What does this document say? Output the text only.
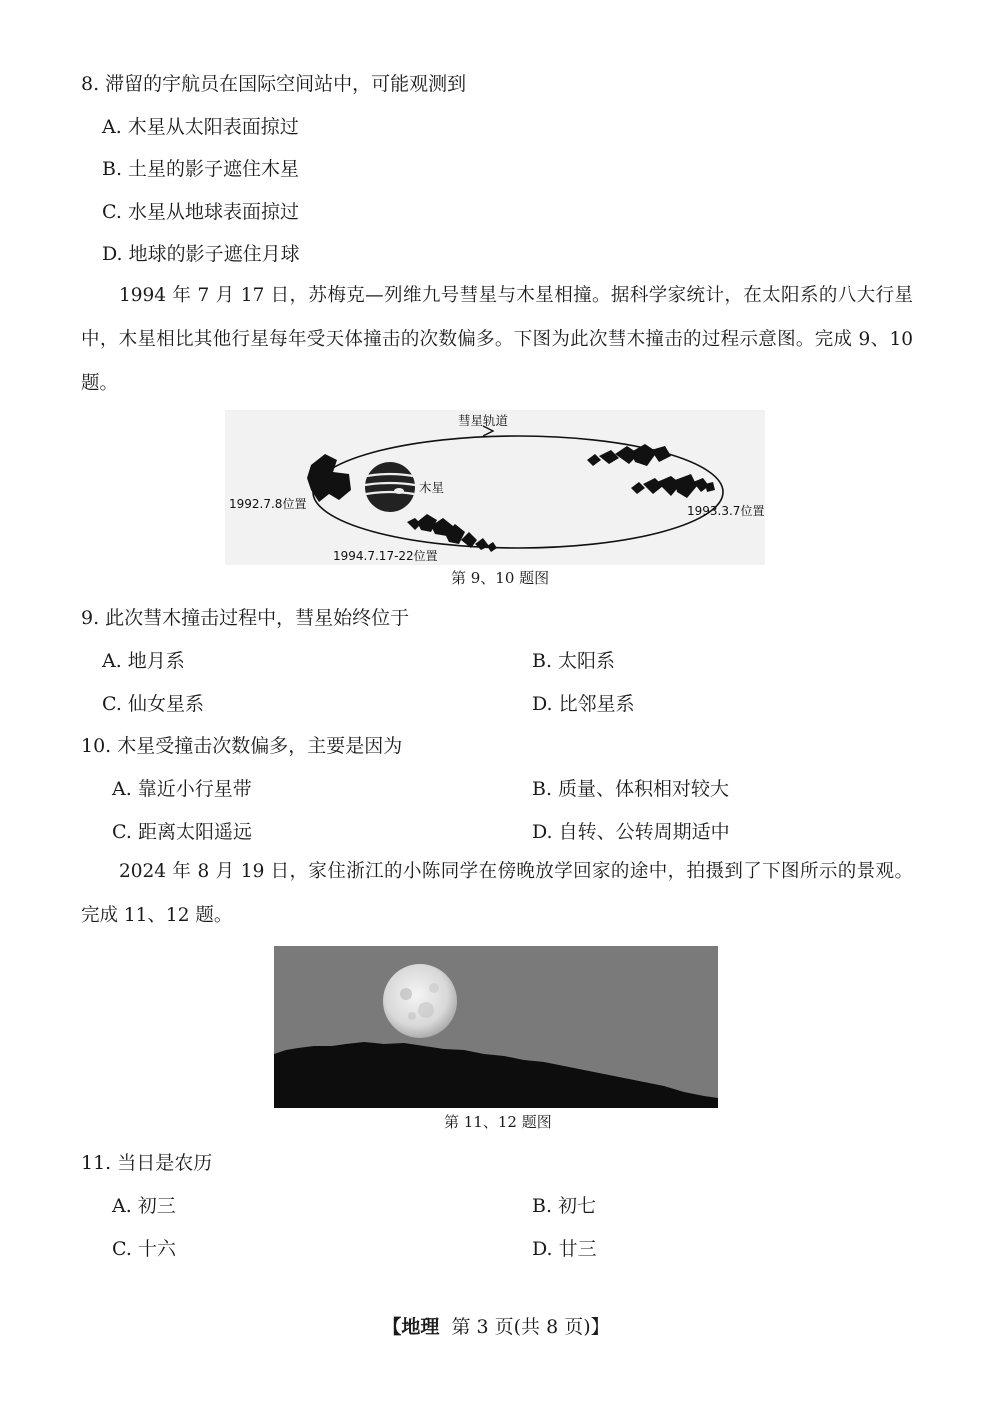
8. 滞留的宇航员在国际空间站中，可能观测到
A. 木星从太阳表面掠过
B. 土星的影子遮住木星
C. 水星从地球表面掠过
D. 地球的影子遮住月球
1994 年 7 月 17 日，苏梅克—列维九号彗星与木星相撞。据科学家统计，在太阳系的八大行星中，木星相比其他行星每年受天体撞击的次数偏多。下图为此次彗木撞击的过程示意图。完成 9、10 题。
彗星轨道
1992.7.8位置
木星
1994.7.17-22位置
1993.3.7位置
第 9、10 题图
9. 此次彗木撞击过程中，彗星始终位于
A. 地月系	B. 太阳系
C. 仙女星系	D. 比邻星系
10. 木星受撞击次数偏多，主要是因为
A. 靠近小行星带	B. 质量、体积相对较大
C. 距离太阳遥远	D. 自转、公转周期适中
2024 年 8 月 19 日，家住浙江的小陈同学在傍晚放学回家的途中，拍摄到了下图所示的景观。完成 11、12 题。
第 11、12 题图
11. 当日是农历
A. 初三	B. 初七
C. 十六	D. 廿三
【地理 第 3 页(共 8 页)】
